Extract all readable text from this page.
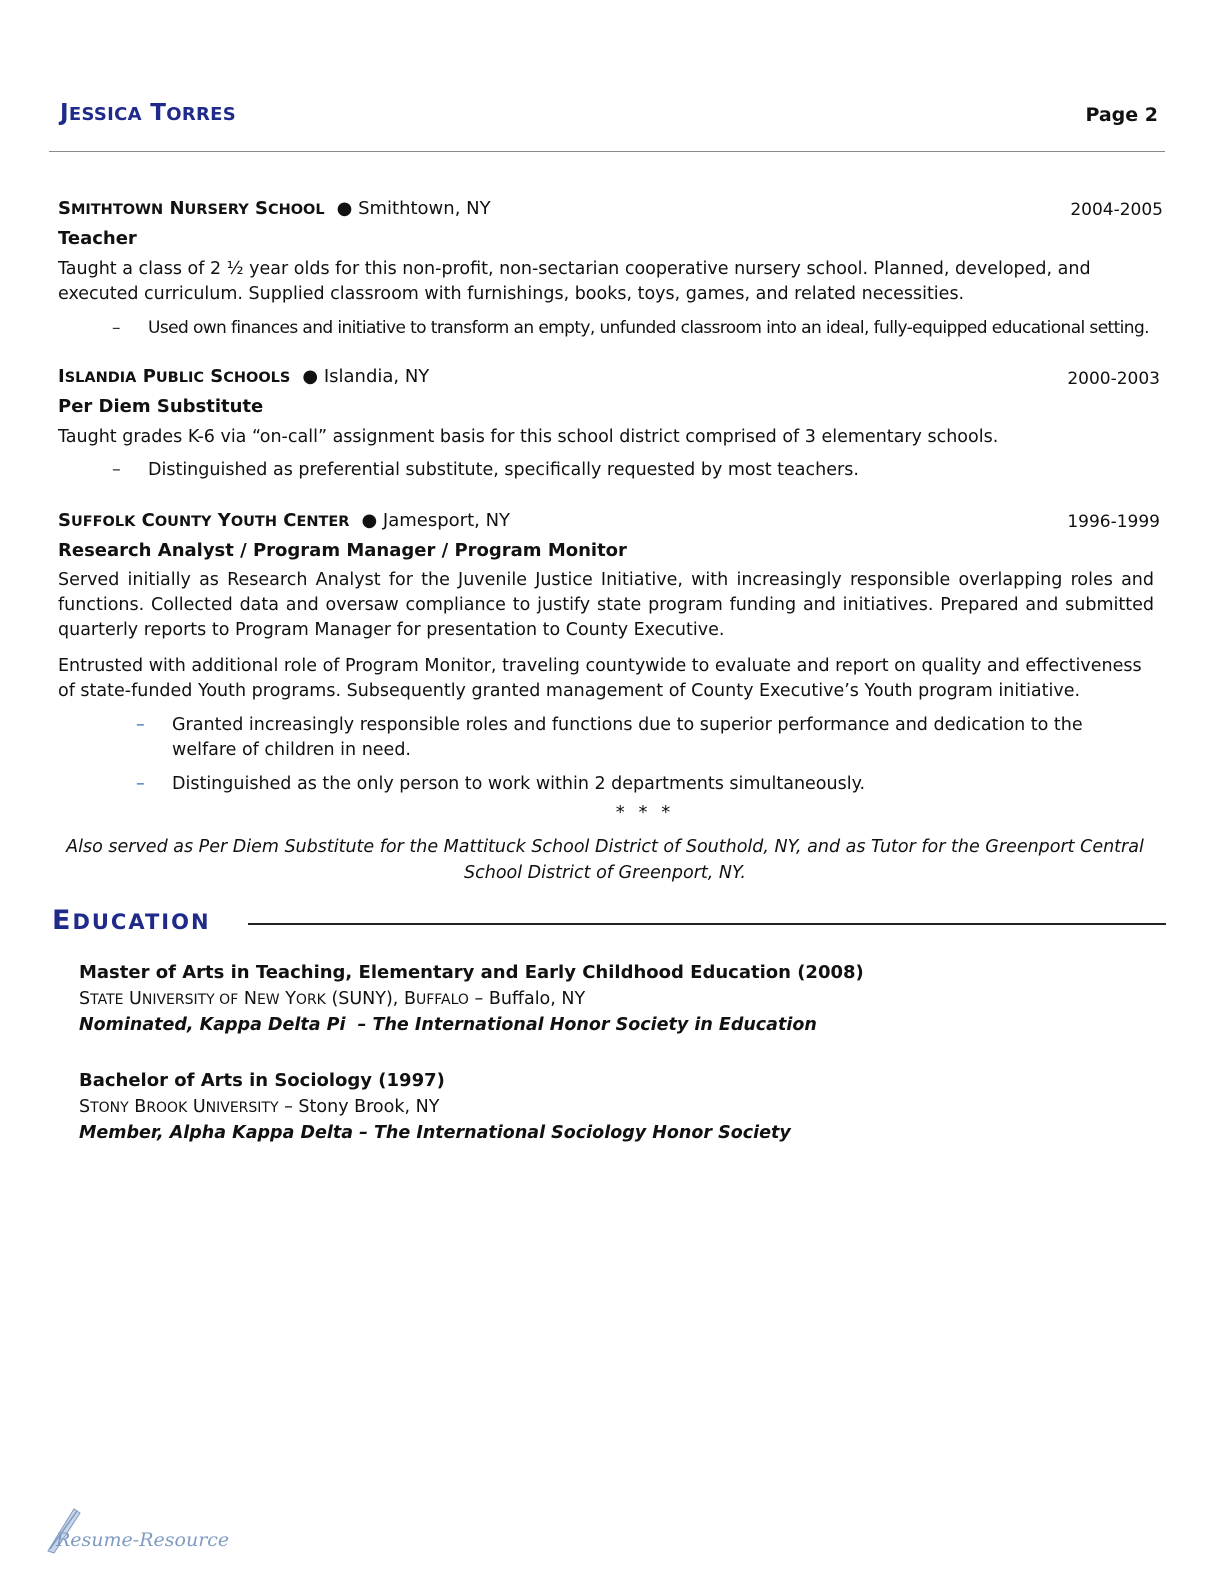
JESSICA TORRES	Page 2
SMITHTOWN NURSERY SCHOOL  ● Smithtown, NY	2004-2005
Teacher
Taught a class of 2 ½ year olds for this non-profit, non-sectarian cooperative nursery school. Planned, developed, and executed curriculum. Supplied classroom with furnishings, books, toys, games, and related necessities.
– Used own finances and initiative to transform an empty, unfunded classroom into an ideal, fully-equipped educational setting.
ISLANDIA PUBLIC SCHOOLS  ● Islandia, NY	2000-2003
Per Diem Substitute
Taught grades K-6 via “on-call” assignment basis for this school district comprised of 3 elementary schools.
– Distinguished as preferential substitute, specifically requested by most teachers.
SUFFOLK COUNTY YOUTH CENTER  ● Jamesport, NY	1996-1999
Research Analyst / Program Manager / Program Monitor
Served initially as Research Analyst for the Juvenile Justice Initiative, with increasingly responsible overlapping roles and functions. Collected data and oversaw compliance to justify state program funding and initiatives. Prepared and submitted quarterly reports to Program Manager for presentation to County Executive.
Entrusted with additional role of Program Monitor, traveling countywide to evaluate and report on quality and effectiveness of state-funded Youth programs. Subsequently granted management of County Executive’s Youth program initiative.
– Granted increasingly responsible roles and functions due to superior performance and dedication to the welfare of children in need.
– Distinguished as the only person to work within 2 departments simultaneously.
* * *
Also served as Per Diem Substitute for the Mattituck School District of Southold, NY, and as Tutor for the Greenport Central School District of Greenport, NY.
EDUCATION
Master of Arts in Teaching, Elementary and Early Childhood Education (2008)
STATE UNIVERSITY OF NEW YORK (SUNY), BUFFALO – Buffalo, NY
Nominated, Kappa Delta Pi  – The International Honor Society in Education
Bachelor of Arts in Sociology (1997)
STONY BROOK UNIVERSITY – Stony Brook, NY
Member, Alpha Kappa Delta – The International Sociology Honor Society
Resume-Resource
